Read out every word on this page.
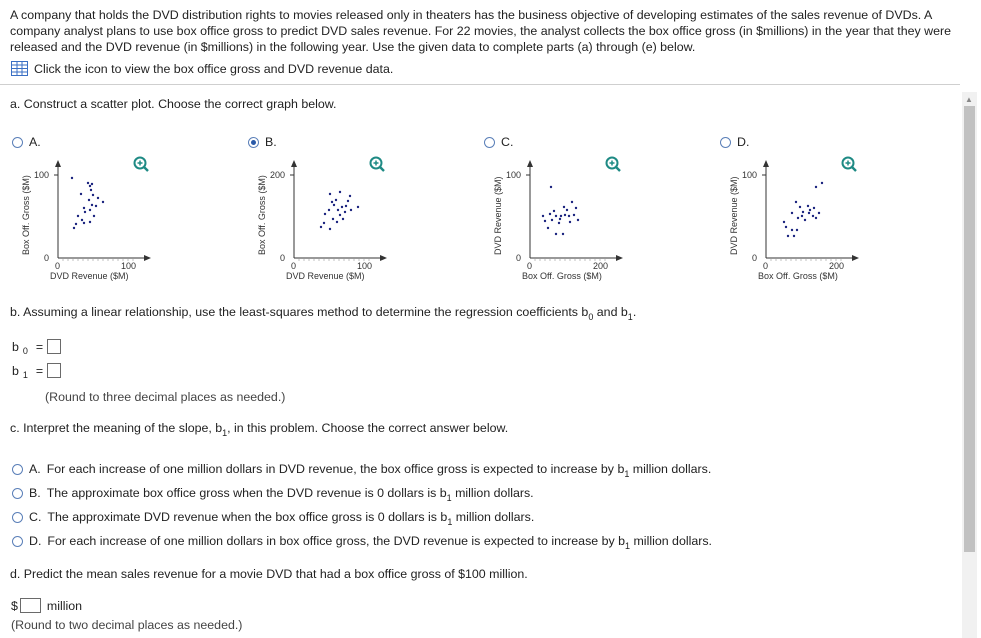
A company that holds the DVD distribution rights to movies released only in theaters has the business objective of developing estimates of the sales revenue of DVDs. A company analyst plans to use box office gross to predict DVD sales revenue. For 22 movies, the analyst collects the box office gross (in $millions) in the year that they were released and the DVD revenue (in $millions) in the following year. Use the given data to complete parts (a) through (e) below.
Click the icon to view the box office gross and DVD revenue data.
▲
a. Construct a scatter plot. Choose the correct graph below.
A.	B.	C.	D.
Box Off. Gross ($M)
100
0
0	100
DVD Revenue ($M)
Box Off. Gross ($M)
200
0
0	100
DVD Revenue ($M)
DVD Revenue ($M)
100
0
0	200
Box Off. Gross ($M)
DVD Revenue ($M)
100
0
0	200
Box Off. Gross ($M)
b. Assuming a linear relationship, use the least-squares method to determine the regression coefficients $b_0$ and $b_1$.
b 0 =
b 1 =
(Round to three decimal places as needed.)
c. Interpret the meaning of the slope, $b_1$, in this problem. Choose the correct answer below.
A. For each increase of one million dollars in DVD revenue, the box office gross is expected to increase by $b_1$ million dollars.
B. The approximate box office gross when the DVD revenue is 0 dollars is $b_1$ million dollars.
C. The approximate DVD revenue when the box office gross is 0 dollars is $b_1$ million dollars.
D. For each increase of one million dollars in box office gross, the DVD revenue is expected to increase by $b_1$ million dollars.
d. Predict the mean sales revenue for a movie DVD that had a box office gross of $100 million.
$ million
(Round to two decimal places as needed.)
